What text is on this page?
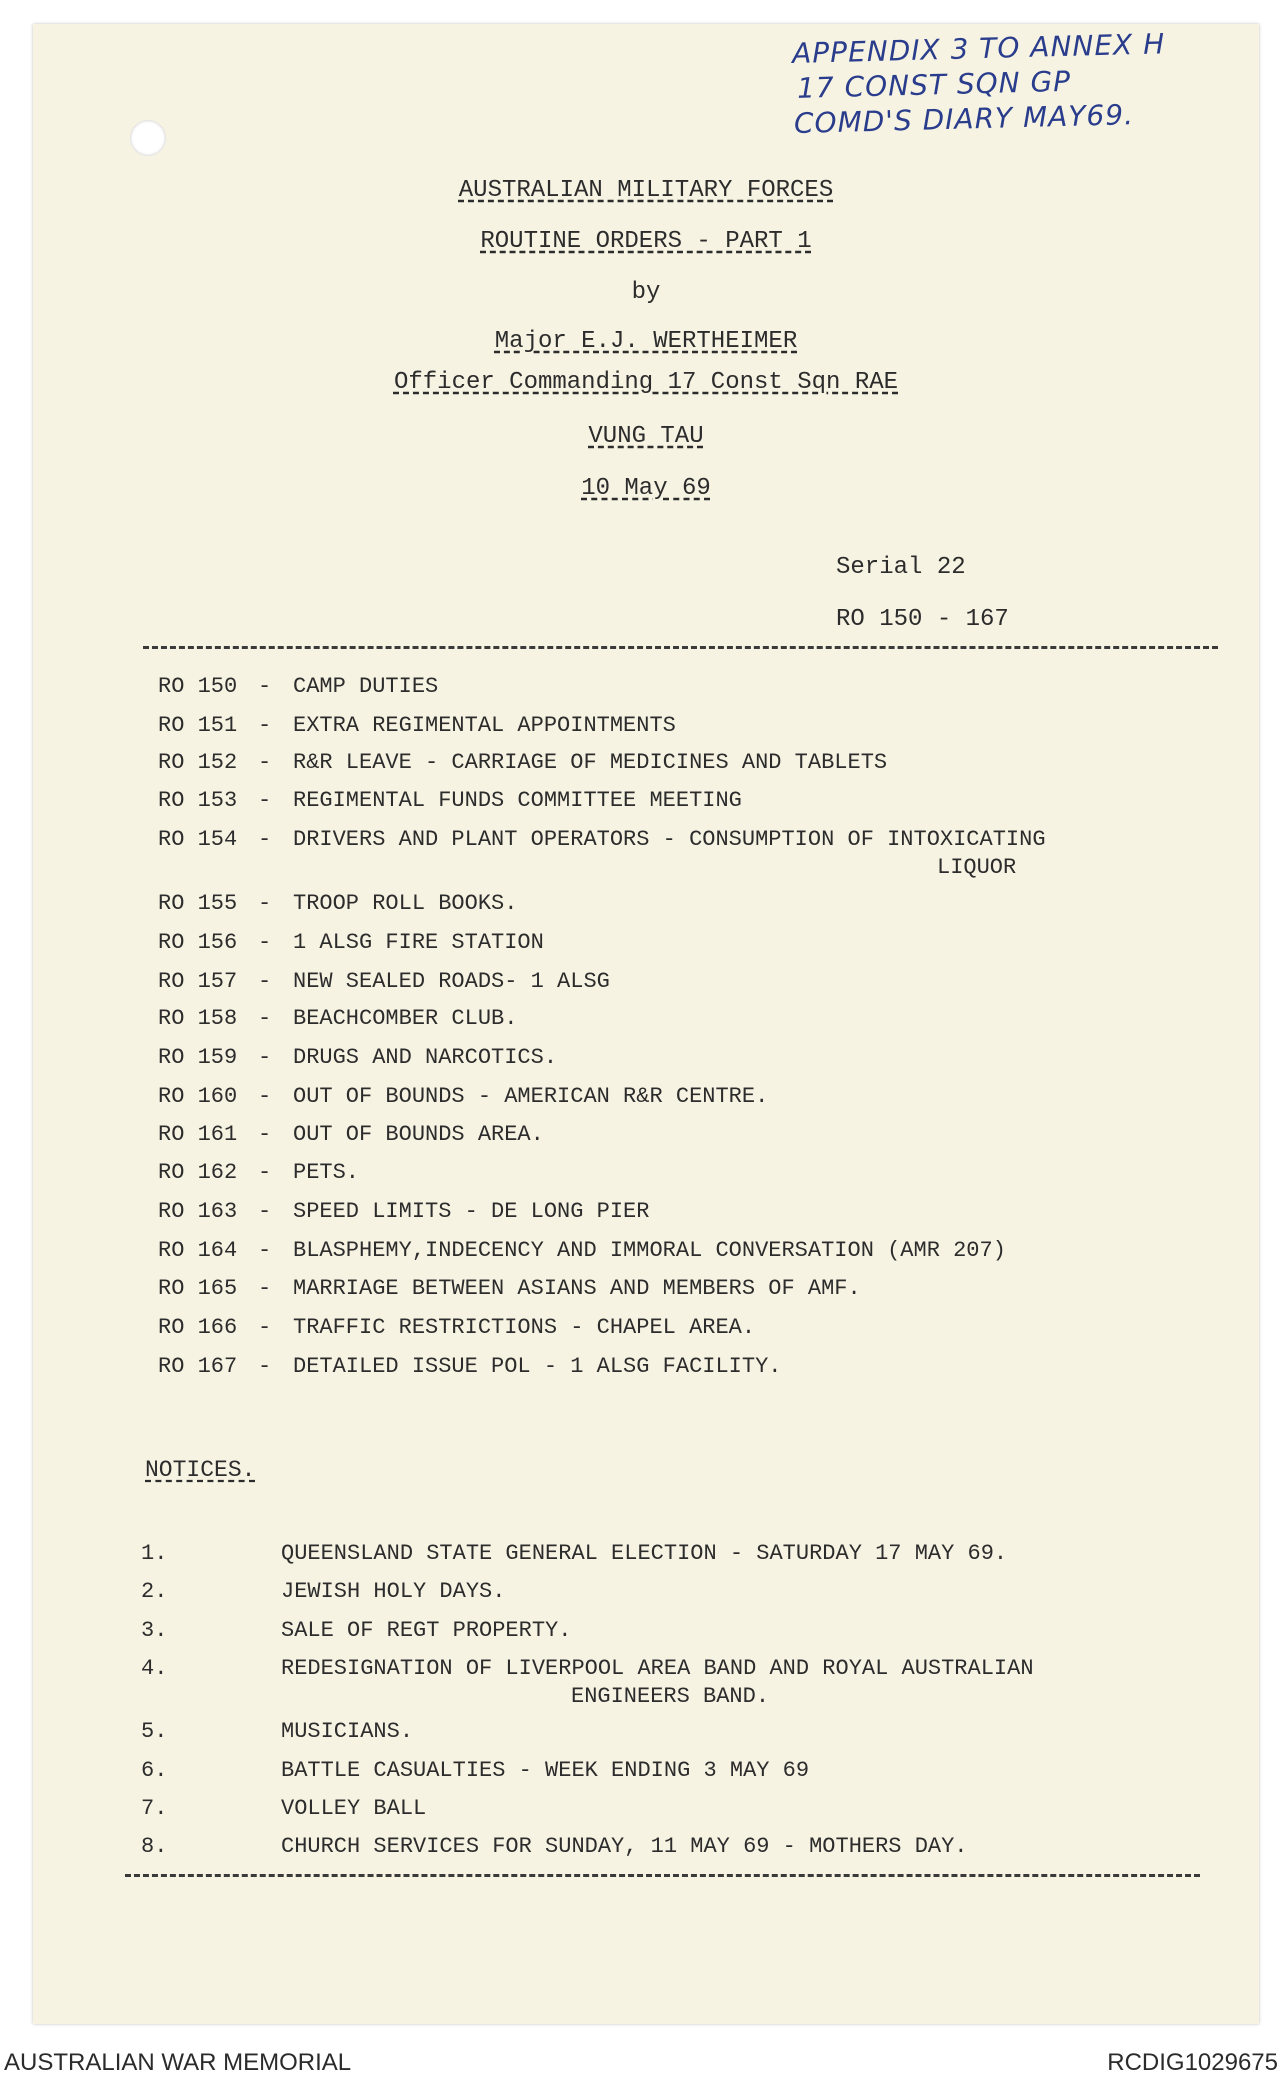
APPENDIX 3 TO ANNEX H
17 CONST SQN GP
COMD'S DIARY MAY69.
AUSTRALIAN MILITARY FORCES
ROUTINE ORDERS - PART 1
by
Major E.J. WERTHEIMER
Officer Commanding 17 Const Sqn RAE
VUNG TAU
10 May 69
Serial 22
RO 150 - 167
RO 150 - CAMP DUTIES
RO 151 - EXTRA REGIMENTAL APPOINTMENTS
RO 152 - R&R LEAVE - CARRIAGE OF MEDICINES AND TABLETS
RO 153 - REGIMENTAL FUNDS COMMITTEE MEETING
RO 154 - DRIVERS AND PLANT OPERATORS - CONSUMPTION OF INTOXICATING
LIQUOR
RO 155 - TROOP ROLL BOOKS.
RO 156 - 1 ALSG FIRE STATION
RO 157 - NEW SEALED ROADS- 1 ALSG
RO 158 - BEACHCOMBER CLUB.
RO 159 - DRUGS AND NARCOTICS.
RO 160 - OUT OF BOUNDS - AMERICAN R&R CENTRE.
RO 161 - OUT OF BOUNDS AREA.
RO 162 - PETS.
RO 163 - SPEED LIMITS - DE LONG PIER
RO 164 - BLASPHEMY,INDECENCY AND IMMORAL CONVERSATION (AMR 207)
RO 165 - MARRIAGE BETWEEN ASIANS AND MEMBERS OF AMF.
RO 166 - TRAFFIC RESTRICTIONS - CHAPEL AREA.
RO 167 - DETAILED ISSUE POL - 1 ALSG FACILITY.
NOTICES.
1.	QUEENSLAND STATE GENERAL ELECTION - SATURDAY 17 MAY 69.
2.	JEWISH HOLY DAYS.
3.	SALE OF REGT PROPERTY.
4.	REDESIGNATION OF LIVERPOOL AREA BAND AND ROYAL AUSTRALIAN
ENGINEERS BAND.
5.	MUSICIANS.
6.	BATTLE CASUALTIES - WEEK ENDING 3 MAY 69
7.	VOLLEY BALL
8.	CHURCH SERVICES FOR SUNDAY, 11 MAY 69 - MOTHERS DAY.
AUSTRALIAN WAR MEMORIAL	RCDIG1029675
